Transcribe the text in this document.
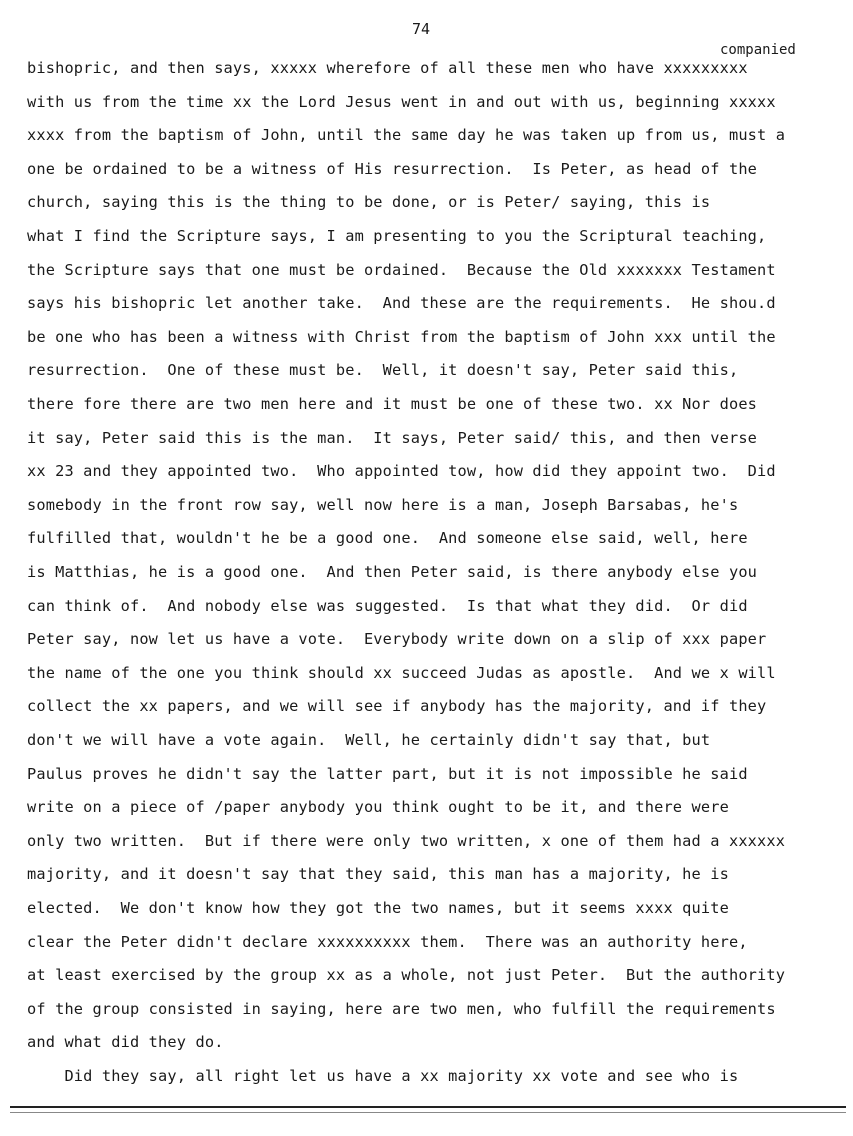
74
companied
bishopric, and then says, xxxxx wherefore of all these men who have xxxxxxxxx
with us from the time xx the Lord Jesus went in and out with us, beginning xxxxx
xxxx from the baptism of John, until the same day he was taken up from us, must a
one be ordained to be a witness of His resurrection.  Is Peter, as head of the
church, saying this is the thing to be done, or is Peter/ saying, this is
what I find the Scripture says, I am presenting to you the Scriptural teaching,
the Scripture says that one must be ordained.  Because the Old xxxxxxx Testament
says his bishopric let another take.  And these are the requirements.  He shou.d
be one who has been a witness with Christ from the baptism of John xxx until the
resurrection.  One of these must be.  Well, it doesn't say, Peter said this,
there fore there are two men here and it must be one of these two. xx Nor does
it say, Peter said this is the man.  It says, Peter said/ this, and then verse
xx 23 and they appointed two.  Who appointed tow, how did they appoint two.  Did
somebody in the front row say, well now here is a man, Joseph Barsabas, he's
fulfilled that, wouldn't he be a good one.  And someone else said, well, here
is Matthias, he is a good one.  And then Peter said, is there anybody else you
can think of.  And nobody else was suggested.  Is that what they did.  Or did
Peter say, now let us have a vote.  Everybody write down on a slip of xxx paper
the name of the one you think should xx succeed Judas as apostle.  And we x will
collect the xx papers, and we will see if anybody has the majority, and if they
don't we will have a vote again.  Well, he certainly didn't say that, but
Paulus proves he didn't say the latter part, but it is not impossible he said
write on a piece of /paper anybody you think ought to be it, and there were
only two written.  But if there were only two written, x one of them had a xxxxxx
majority, and it doesn't say that they said, this man has a majority, he is
elected.  We don't know how they got the two names, but it seems xxxx quite
clear the Peter didn't declare xxxxxxxxxx them.  There was an authority here,
at least exercised by the group xx as a whole, not just Peter.  But the authority
of the group consisted in saying, here are two men, who fulfill the requirements
and what did they do.
Did they say, all right let us have a xx majority xx vote and see who is
